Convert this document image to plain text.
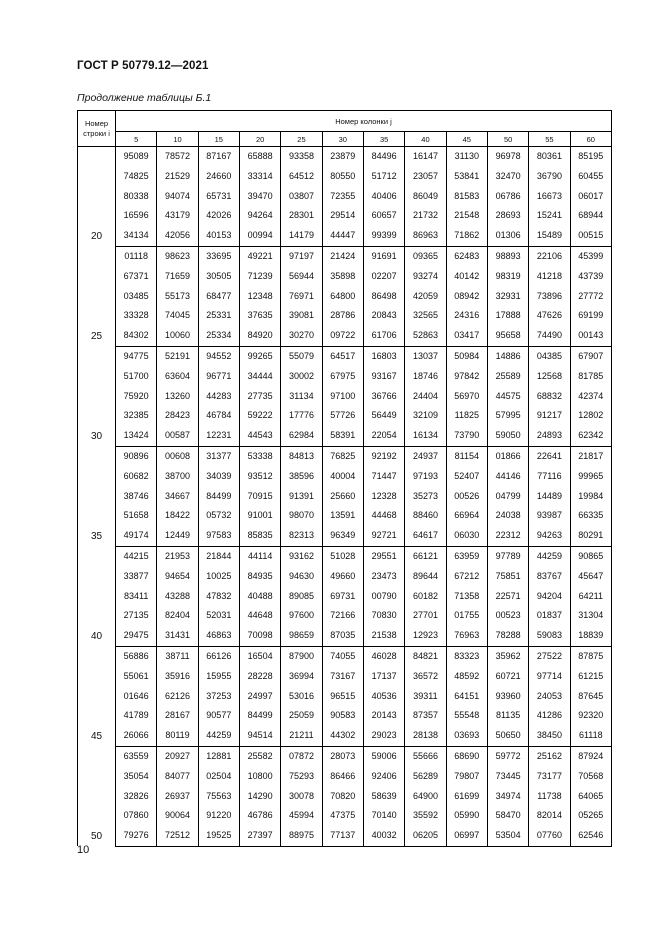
ГОСТ Р 50779.12—2021
Продолжение таблицы Б.1
Номер
строки i	Номер колонки j											
	5	10	15	20	25	30	35	40	45	50	55	60
20	95089	78572	87167	65888	93358	23879	84496	16147	31130	96978	80361	85195
	74825	21529	24660	33314	64512	80550	51712	23057	53841	32470	36790	60455
	80338	94074	65731	39470	03807	72355	40406	86049	81583	06786	16673	06017
	16596	43179	42026	94264	28301	29514	60657	21732	21548	28693	15241	68944
	34134	42056	40153	00994	14179	44447	99399	86963	71862	01306	15489	00515
25	01118	98623	33695	49221	97197	21424	91691	09365	62483	98893	22106	45399
	67371	71659	30505	71239	56944	35898	02207	93274	40142	98319	41218	43739
	03485	55173	68477	12348	76971	64800	86498	42059	08942	32931	73896	27772
	33328	74045	25331	37635	39081	28786	20843	32565	24316	17888	47626	69199
	84302	10060	25334	84920	30270	09722	61706	52863	03417	95658	74490	00143
30	94775	52191	94552	99265	55079	64517	16803	13037	50984	14886	04385	67907
	51700	63604	96771	34444	30002	67975	93167	18746	97842	25589	12568	81785
	75920	13260	44283	27735	31134	97100	36766	24404	56970	44575	68832	42374
	32385	28423	46784	59222	17776	57726	56449	32109	11825	57995	91217	12802
	13424	00587	12231	44543	62984	58391	22054	16134	73790	59050	24893	62342
35	90896	00608	31377	53338	84813	76825	92192	24937	81154	01866	22641	21817
	60682	38700	34039	93512	38596	40004	71447	97193	52407	44146	77116	99965
	38746	34667	84499	70915	91391	25660	12328	35273	00526	04799	14489	19984
	51658	18422	05732	91001	98070	13591	44468	88460	66964	24038	93987	66335
	49174	12449	97583	85835	82313	96349	92721	64617	06030	22312	94263	80291
40	44215	21953	21844	44114	93162	51028	29551	66121	63959	97789	44259	90865
	33877	94654	10025	84935	94630	49660	23473	89644	67212	75851	83767	45647
	83411	43288	47832	40488	89085	69731	00790	60182	71358	22571	94204	64211
	27135	82404	52031	44648	97600	72166	70830	27701	01755	00523	01837	31304
	29475	31431	46863	70098	98659	87035	21538	12923	76963	78288	59083	18839
45	56886	38711	66126	16504	87900	74055	46028	84821	83323	35962	27522	87875
	55061	35916	15955	28228	36994	73167	17137	36572	48592	60721	97714	61215
	01646	62126	37253	24997	53016	96515	40536	39311	64151	93960	24053	87645
	41789	28167	90577	84499	25059	90583	20143	87357	55548	81135	41286	92320
	26066	80119	44259	94514	21211	44302	29023	28138	03693	50650	38450	61118
50	63559	20927	12881	25582	07872	28073	59006	55666	68690	59772	25162	87924
	35054	84077	02504	10800	75293	86466	92406	56289	79807	73445	73177	70568
	32826	26937	75563	14290	30078	70820	58639	64900	61699	34974	11738	64065
	07860	90064	91220	46786	45994	47375	70140	35592	05990	58470	82014	05265
	79276	72512	19525	27397	88975	77137	40032	06205	06997	53504	07760	62546
10
